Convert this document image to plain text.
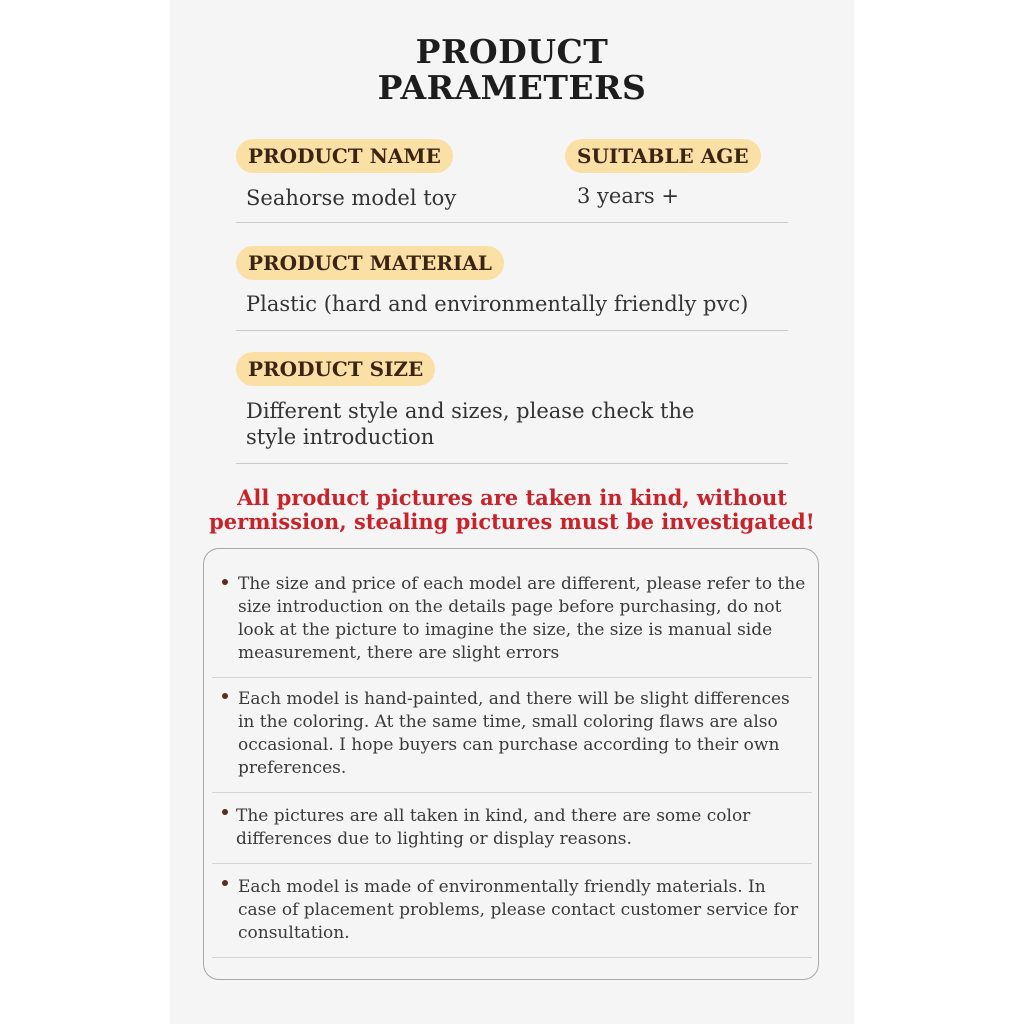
PRODUCT
PARAMETERS
PRODUCT NAME
Seahorse model toy
SUITABLE AGE
3 years +
PRODUCT MATERIAL
Plastic (hard and environmentally friendly pvc)
PRODUCT SIZE
Different style and sizes, please check the
style introduction
All product pictures are taken in kind, without
permission, stealing pictures must be investigated!
The size and price of each model are different, please refer to the
size introduction on the details page before purchasing, do not
look at the picture to imagine the size, the size is manual side
measurement, there are slight errors
Each model is hand-painted, and there will be slight differences
in the coloring. At the same time, small coloring flaws are also
occasional. I hope buyers can purchase according to their own
preferences.
The pictures are all taken in kind, and there are some color
differences due to lighting or display reasons.
Each model is made of environmentally friendly materials. In
case of placement problems, please contact customer service for
consultation.
